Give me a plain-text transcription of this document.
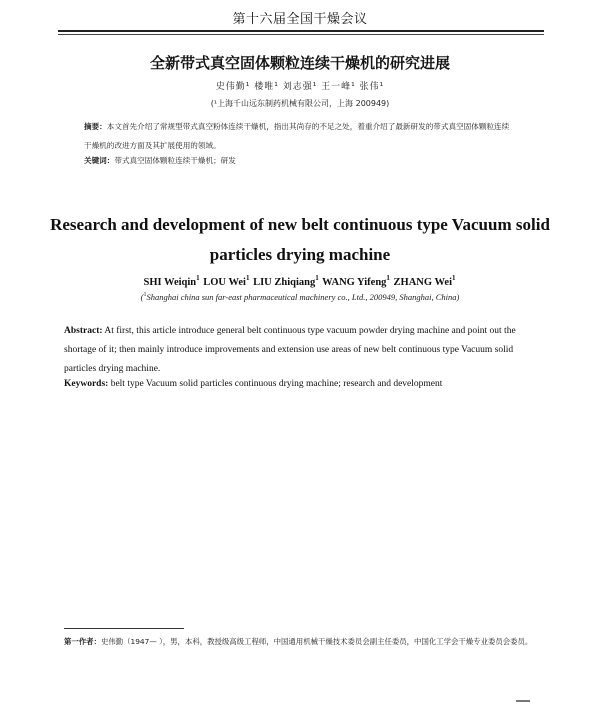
第十六届全国干燥会议
全新带式真空固体颗粒连续干燥机的研究进展
史伟勤¹ 楼唯¹ 刘志强¹ 王一峰¹ 张伟¹
(¹上海千山远东制药机械有限公司，上海 200949)
摘要：本文首先介绍了常规型带式真空粉体连续干燥机，指出其尚存的不足之处，着重介绍了最新研发的带式真空固体颗粒连续干燥机的改进方面及其扩展使用的领域。
关键词：带式真空固体颗粒连续干燥机；研发
Research and development of new belt continuous type Vacuum solid particles drying machine
SHI Weiqin$^1$ LOU Wei$^1$ LIU Zhiqiang$^1$ WANG Yifeng$^1$ ZHANG Wei$^1$
($^1$Shanghai china sun far-east pharmaceutical machinery co., Ltd., 200949, Shanghai, China)
Abstract: At first, this article introduce general belt continuous type vacuum powder drying machine and point out the shortage of it; then mainly introduce improvements and extension use areas of new belt continuous type Vacuum solid particles drying machine.
Keywords: belt type Vacuum solid particles continuous drying machine; research and development
第一作者：史伟勤（1947— ），男，本科，教授级高级工程师，中国通用机械干燥技术委员会副主任委员，中国化工学会干燥专业委员会委员。
